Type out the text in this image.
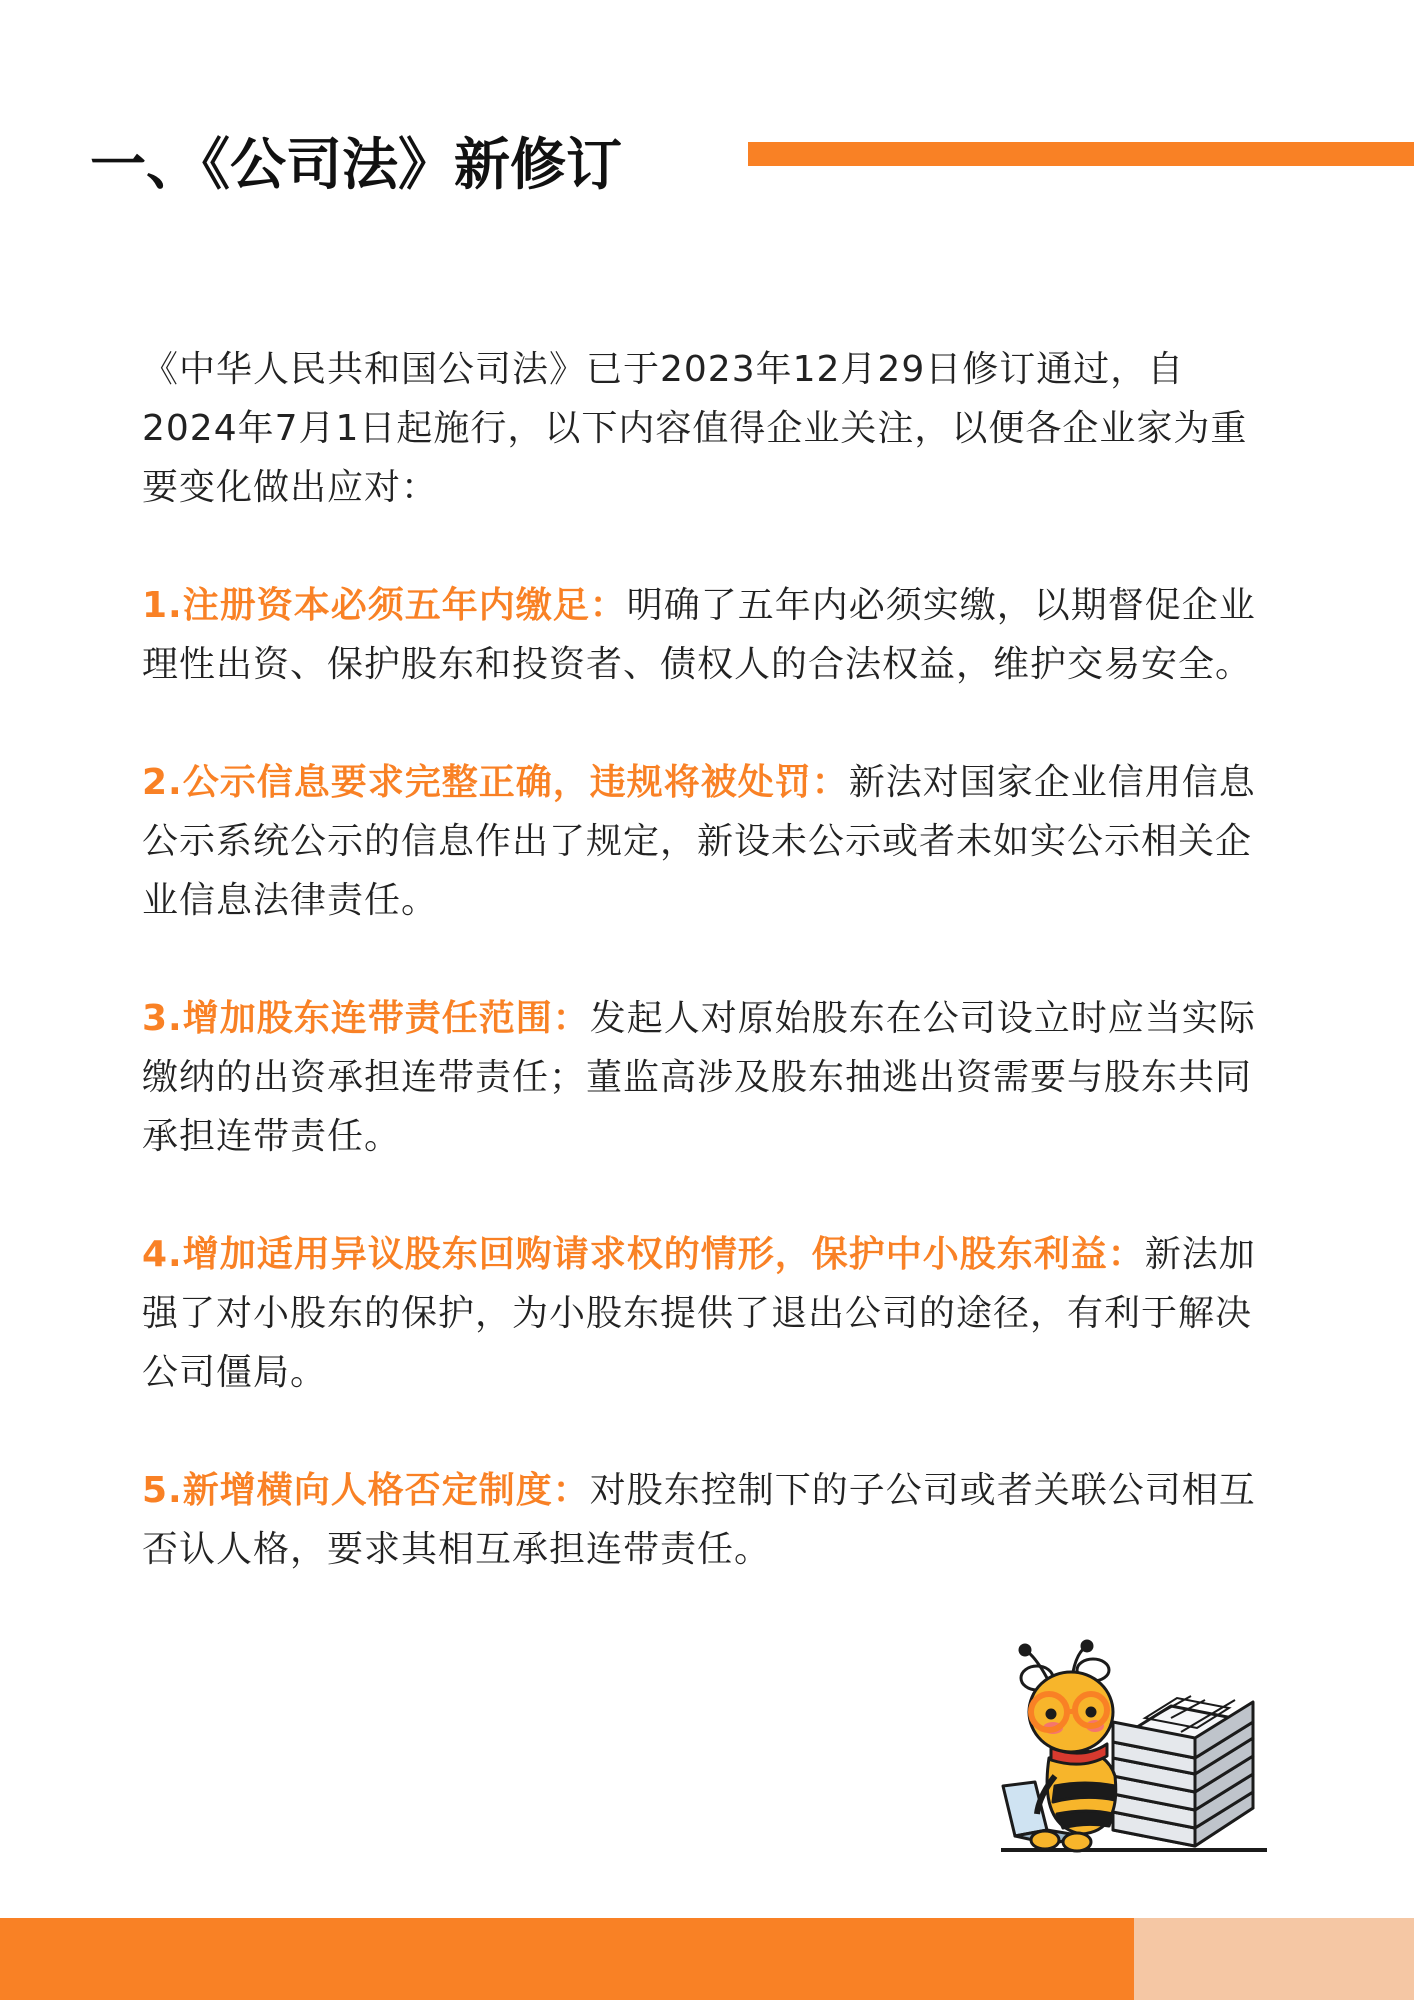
一、《公司法》新修订

《中华人民共和国公司法》已于2023年12月29日修订通过，自2024年7月1日起施行，以下内容值得企业关注，以便各企业家为重要变化做出应对：

1.注册资本必须五年内缴足：明确了五年内必须实缴，以期督促企业理性出资、保护股东和投资者、债权人的合法权益，维护交易安全。

2.公示信息要求完整正确，违规将被处罚：新法对国家企业信用信息公示系统公示的信息作出了规定，新设未公示或者未如实公示相关企业信息法律责任。

3.增加股东连带责任范围：发起人对原始股东在公司设立时应当实际缴纳的出资承担连带责任；董监高涉及股东抽逃出资需要与股东共同承担连带责任。

4.增加适用异议股东回购请求权的情形，保护中小股东利益：新法加强了对小股东的保护，为小股东提供了退出公司的途径，有利于解决公司僵局。

5.新增横向人格否定制度：对股东控制下的子公司或者关联公司相互否认人格，要求其相互承担连带责任。
